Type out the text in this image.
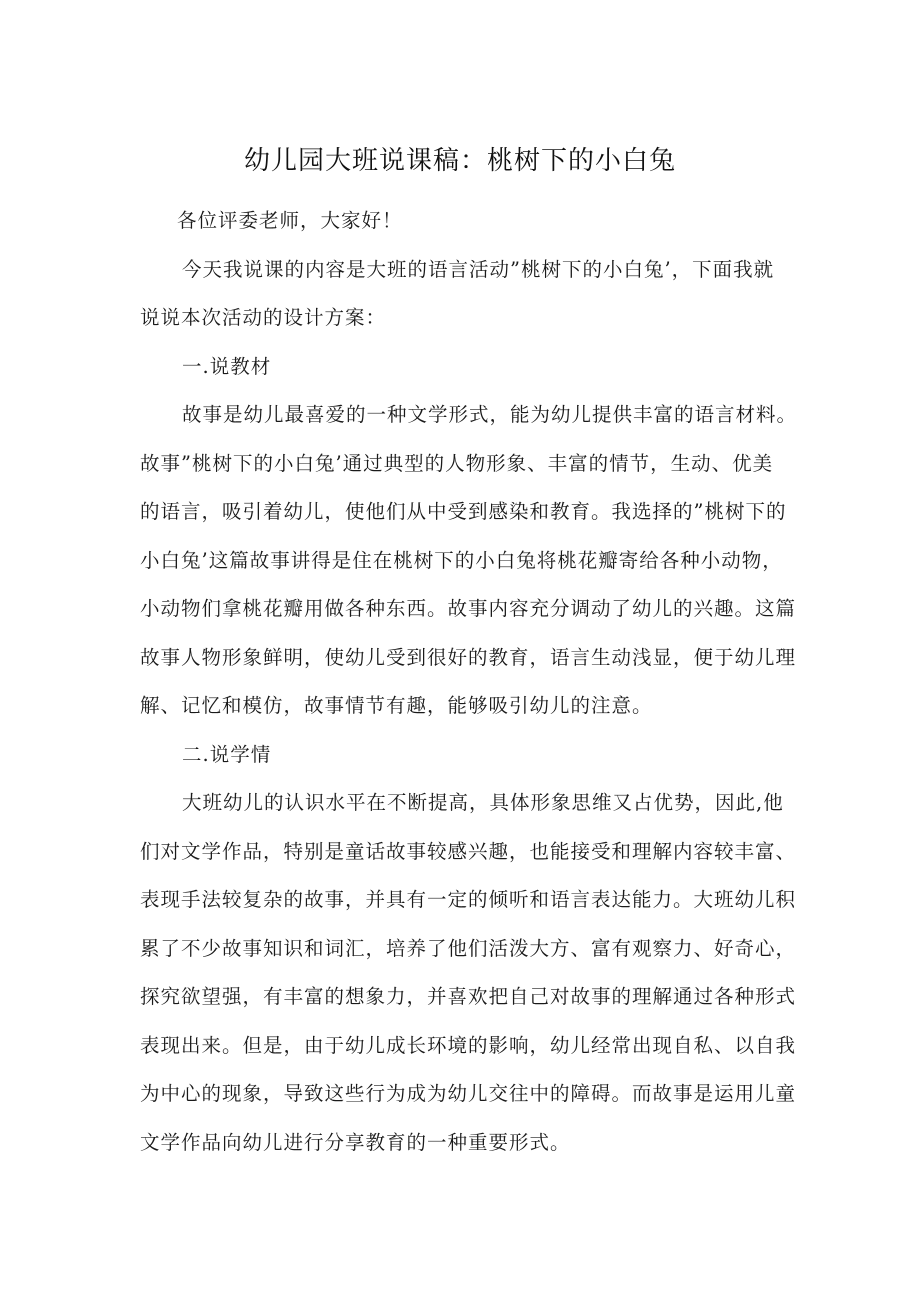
幼儿园大班说课稿：桃树下的小白兔
各位评委老师，大家好！
今天我说课的内容是大班的语言活动”桃树下的小白兔’，下面我就
说说本次活动的设计方案：
一.说教材
故事是幼儿最喜爱的一种文学形式，能为幼儿提供丰富的语言材料。
故事”桃树下的小白兔’通过典型的人物形象、丰富的情节，生动、优美
的语言，吸引着幼儿，使他们从中受到感染和教育。我选择的”桃树下的
小白兔’这篇故事讲得是住在桃树下的小白兔将桃花瓣寄给各种小动物，
小动物们拿桃花瓣用做各种东西。故事内容充分调动了幼儿的兴趣。这篇
故事人物形象鲜明，使幼儿受到很好的教育，语言生动浅显，便于幼儿理
解、记忆和模仿，故事情节有趣，能够吸引幼儿的注意。
二.说学情
大班幼儿的认识水平在不断提高，具体形象思维又占优势，因此,他
们对文学作品，特别是童话故事较感兴趣，也能接受和理解内容较丰富、
表现手法较复杂的故事，并具有一定的倾听和语言表达能力。大班幼儿积
累了不少故事知识和词汇，培养了他们活泼大方、富有观察力、好奇心，
探究欲望强，有丰富的想象力，并喜欢把自己对故事的理解通过各种形式
表现出来。但是，由于幼儿成长环境的影响，幼儿经常出现自私、以自我
为中心的现象，导致这些行为成为幼儿交往中的障碍。而故事是运用儿童
文学作品向幼儿进行分享教育的一种重要形式。
